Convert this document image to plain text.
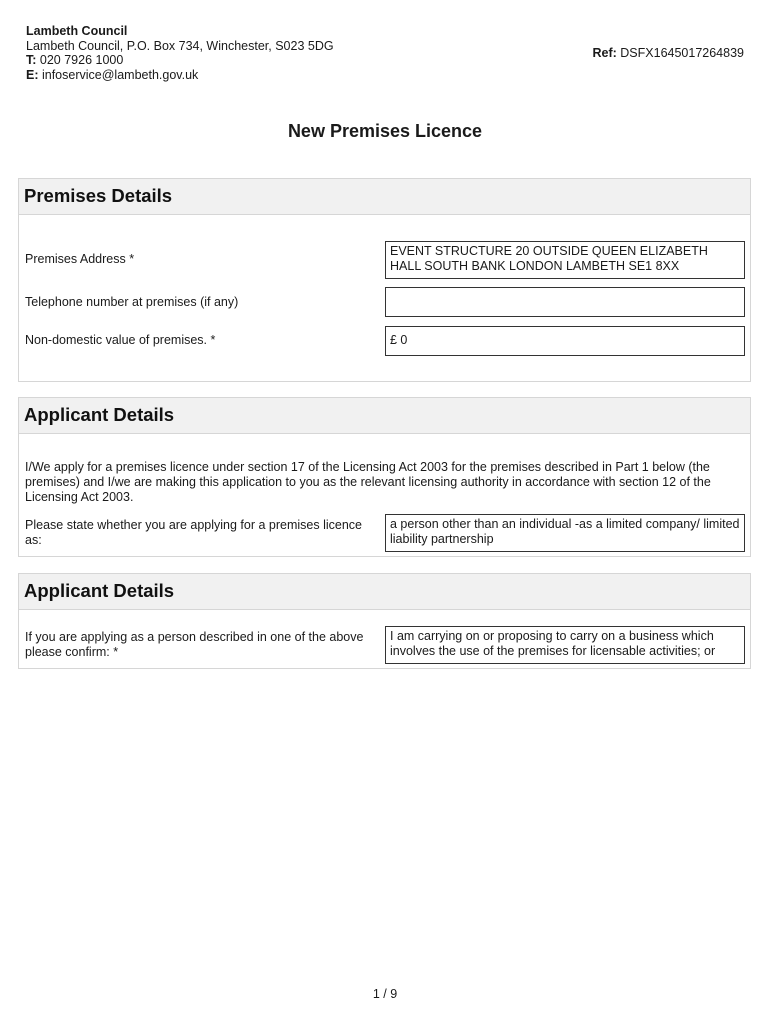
Lambeth Council
Lambeth Council, P.O. Box 734, Winchester, S023 5DG
T: 020 7926 1000
E: infoservice@lambeth.gov.uk
Ref: DSFX1645017264839
New Premises Licence
Premises Details
Premises Address *
EVENT STRUCTURE 20 OUTSIDE QUEEN ELIZABETH HALL SOUTH BANK LONDON LAMBETH SE1 8XX
Telephone number at premises (if any)
Non-domestic value of premises. *	£ 0
Applicant Details
I/We apply for a premises licence under section 17 of the Licensing Act 2003 for the premises described in Part 1 below (the premises) and I/we are making this application to you as the relevant licensing authority in accordance with section 12 of the Licensing Act 2003.
Please state whether you are applying for a premises licence as:
a person other than an individual -as a limited company/ limited liability partnership
Applicant Details
If you are applying as a person described in one of the above please confirm: *
I am carrying on or proposing to carry on a business which involves the use of the premises for licensable activities; or
1 / 9
